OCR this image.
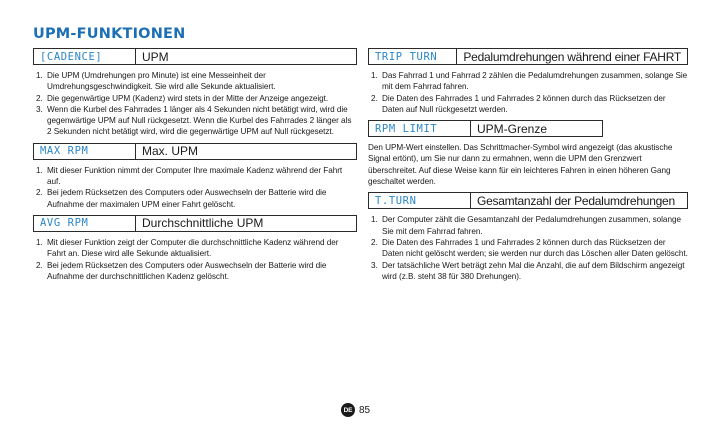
UPM-FUNKTIONEN
[CADENCE]	UPM
1. Die UPM (Umdrehungen pro Minute) ist eine Messeinheit der Umdrehungsgeschwindigkeit. Sie wird alle Sekunde aktualisiert.
2. Die gegenwärtige UPM (Kadenz) wird stets in der Mitte der Anzeige angezeigt.
3. Wenn die Kurbel des Fahrrades 1 länger als 4 Sekunden nicht betätigt wird, wird die gegenwärtige UPM auf Null rückgesetzt. Wenn die Kurbel des Fahrrades 2 länger als 2 Sekunden nicht betätigt wird, wird die gegenwärtige UPM auf Null rückgesetzt.
MAX RPM	Max. UPM
1. Mit dieser Funktion nimmt der Computer Ihre maximale Kadenz während der Fahrt auf.
2. Bei jedem Rücksetzen des Computers oder Auswechseln der Batterie wird die Aufnahme der maximalen UPM einer Fahrt gelöscht.
AVG RPM	Durchschnittliche UPM
1. Mit dieser Funktion zeigt der Computer die durchschnittliche Kadenz während der Fahrt an. Diese wird alle Sekunde aktualisiert.
2. Bei jedem Rücksetzen des Computers oder Auswechseln der Batterie wird die Aufnahme der durchschnittlichen Kadenz gelöscht.
TRIP TURN	Pedalumdrehungen während einer FAHRT
1. Das Fahrrad 1 und Fahrrad 2 zählen die Pedalumdrehungen zusammen, solange Sie mit dem Fahrrad fahren.
2. Die Daten des Fahrrades 1 und Fahrrades 2 können durch das Rücksetzen der Daten auf Null rückgesetzt werden.
RPM LIMIT	UPM-Grenze

Den UPM-Wert einstellen. Das Schrittmacher-Symbol wird angezeigt (das akustische Signal ertönt), um Sie nur dann zu ermahnen, wenn die UPM den Grenzwert überschreitet. Auf diese Weise kann für ein leichteres Fahren in einen höheren Gang geschaltet werden.

T.TURN	Gesamtanzahl der Pedalumdrehungen
1. Der Computer zählt die Gesamtanzahl der Pedalumdrehungen zusammen, solange Sie mit dem Fahrrad fahren.
2. Die Daten des Fahrrades 1 und Fahrrades 2 können durch das Rücksetzen der Daten nicht gelöscht werden; sie werden nur durch das Löschen aller Daten gelöscht.
3. Der tatsächliche Wert beträgt zehn Mal die Anzahl, die auf dem Bildschirm angezeigt wird (z.B. steht 38 für 380 Drehungen).
DE 85
